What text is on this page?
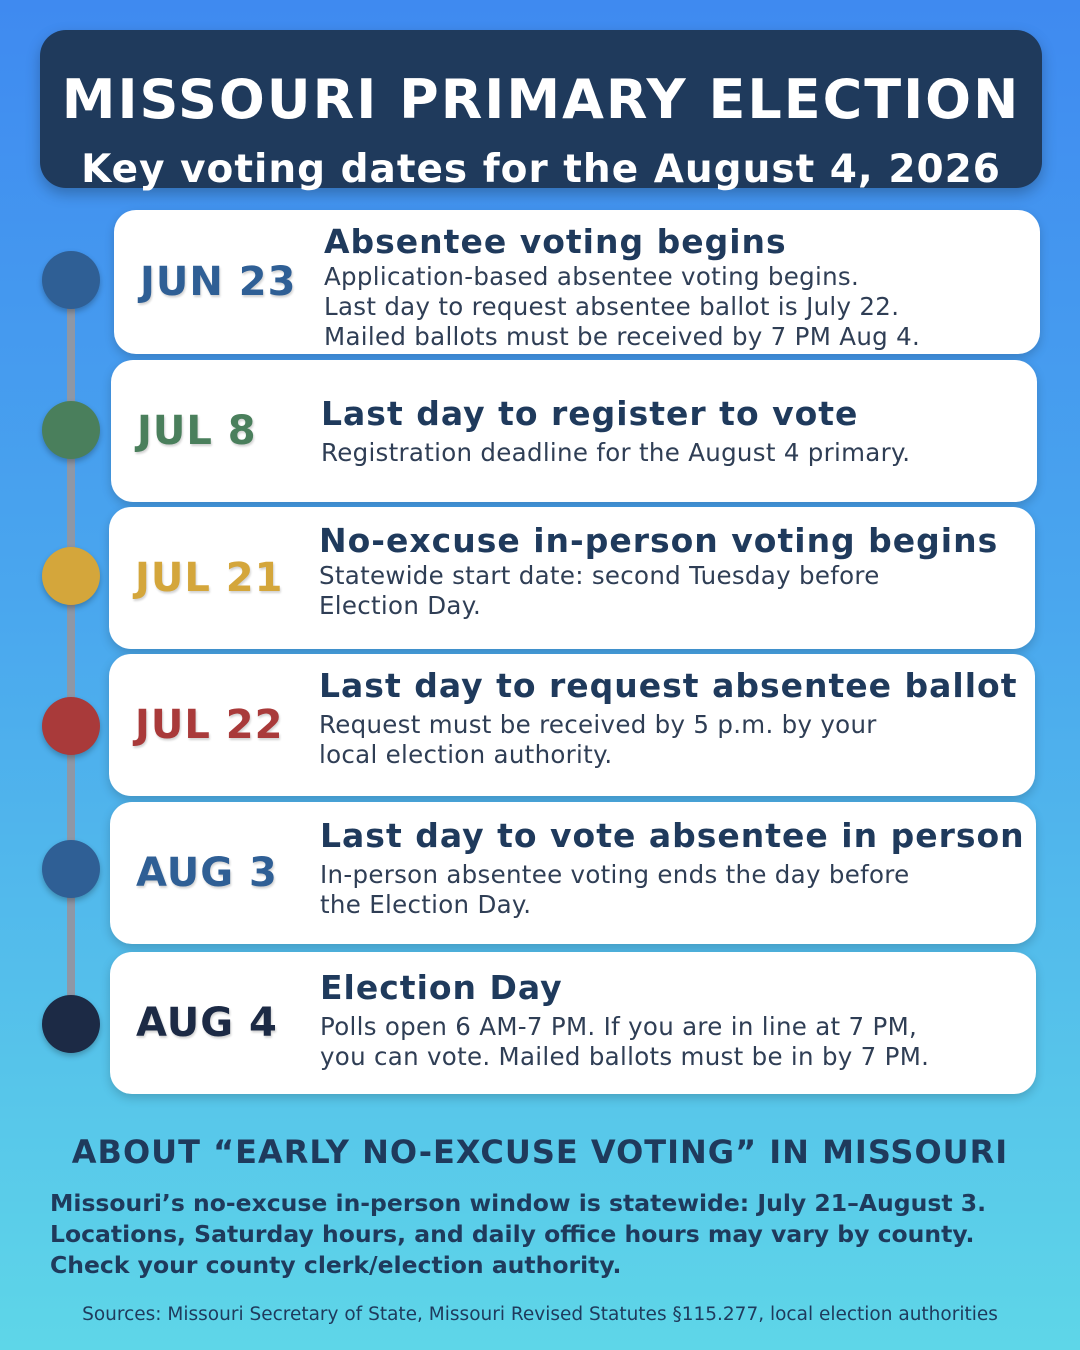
MISSOURI PRIMARY ELECTION
Key voting dates for the August 4, 2026
JUN 23
Absentee voting begins
Application-based absentee voting begins.
Last day to request absentee ballot is July 22.
Mailed ballots must be received by 7 PM Aug 4.
JUL 8 Last day to register to vote
Registration deadline for the August 4 primary.
JUL 21
No-excuse in-person voting begins
Statewide start date: second Tuesday before
Election Day.
JUL 22
Last day to request absentee ballot
Request must be received by 5 p.m. by your
local election authority.
AUG 3
Last day to vote absentee in person
In-person absentee voting ends the day before
the Election Day.
AUG 4
Election Day
Polls open 6 AM-7 PM. If you are in line at 7 PM,
you can vote. Mailed ballots must be in by 7 PM.
ABOUT “EARLY NO-EXCUSE VOTING” IN MISSOURI
Missouri’s no-excuse in-person window is statewide: July 21–August 3.
Locations, Saturday hours, and daily office hours may vary by county.
Check your county clerk/election authority.
Sources: Missouri Secretary of State, Missouri Revised Statutes §115.277, local election authorities
